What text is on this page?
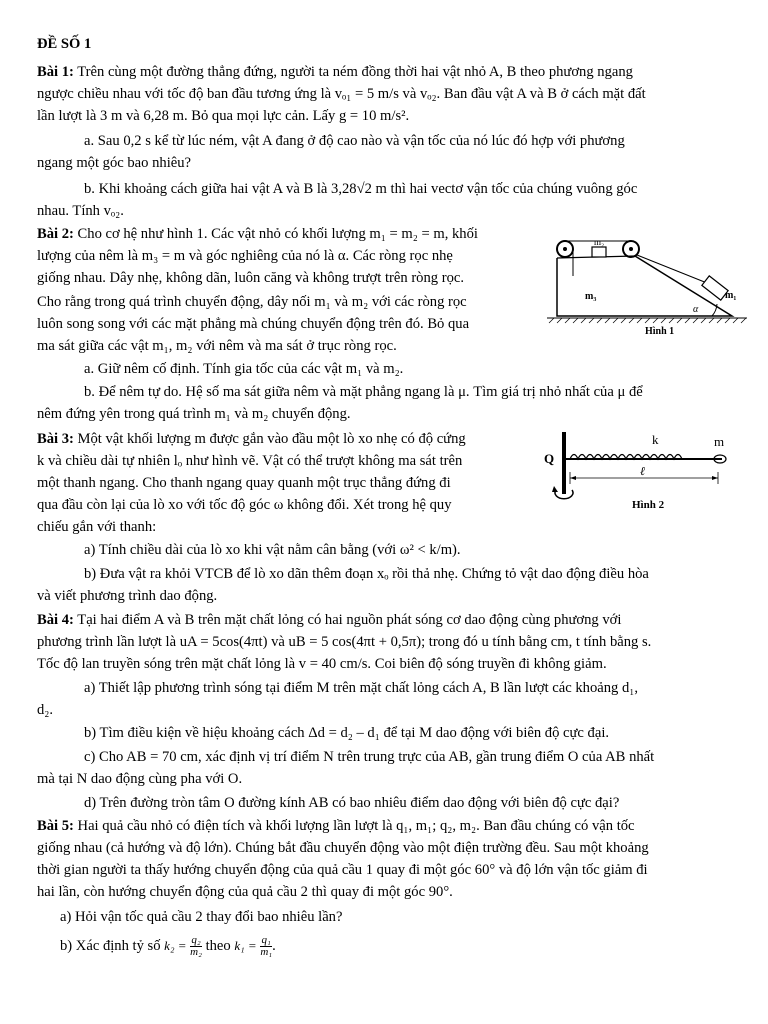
ĐỀ SỐ 1
Bài 1: Trên cùng một đường thẳng đứng, người ta ném đồng thời hai vật nhỏ A, B theo phương ngang
ngược chiều nhau với tốc độ ban đầu tương ứng là vₒ₁ = 5 m/s và vₒ₂. Ban đầu vật A và B ở cách mặt đất
lần lượt là 3 m và 6,28 m. Bỏ qua mọi lực cản. Lấy g = 10 m/s².
a. Sau 0,2 s kể từ lúc ném, vật A đang ở độ cao nào và vận tốc của nó lúc đó hợp với phương
ngang một góc bao nhiêu?
b. Khi khoảng cách giữa hai vật A và B là 3,28√2 m thì hai vectơ vận tốc của chúng vuông góc
nhau. Tính vₒ₂.
Bài 2: Cho cơ hệ như hình 1. Các vật nhỏ có khối lượng m₁ = m₂ = m, khối
lượng của nêm là m₃ = m và góc nghiêng của nó là α. Các ròng rọc nhẹ
giống nhau. Dây nhẹ, không dãn, luôn căng và không trượt trên ròng rọc.
Cho rằng trong quá trình chuyển động, dây nối m₁ và m₂ với các ròng rọc
luôn song song với các mặt phẳng mà chúng chuyển động trên đó. Bỏ qua
ma sát giữa các vật m₁, m₂ với nêm và ma sát ở trục ròng rọc.
a. Giữ nêm cố định. Tính gia tốc của các vật m₁ và m₂.
b. Để nêm tự do. Hệ số ma sát giữa nêm và mặt phẳng ngang là μ. Tìm giá trị nhỏ nhất của μ để
nêm đứng yên trong quá trình m₁ và m₂ chuyển động.
m₂
m₃	m₁
α
Hình 1
Bài 3: Một vật khối lượng m được gắn vào đầu một lò xo nhẹ có độ cứng
k và chiều dài tự nhiên lₒ như hình vẽ. Vật có thể trượt không ma sát trên
một thanh ngang. Cho thanh ngang quay quanh một trục thẳng đứng đi
qua đầu còn lại của lò xo với tốc độ góc ω không đổi. Xét trong hệ quy
chiếu gắn với thanh:
a) Tính chiều dài của lò xo khi vật nằm cân bằng (với ω² < k/m).
b) Đưa vật ra khỏi VTCB để lò xo dãn thêm đoạn xₒ rồi thả nhẹ. Chứng tỏ vật dao động điều hòa
và viết phương trình dao động.
k	m
Q
ℓ
Hình 2
Bài 4: Tại hai điểm A và B trên mặt chất lỏng có hai nguồn phát sóng cơ dao động cùng phương với
phương trình lần lượt là uA = 5cos(4πt) và uB = 5 cos(4πt + 0,5π); trong đó u tính bằng cm, t tính bằng s.
Tốc độ lan truyền sóng trên mặt chất lỏng là v = 40 cm/s. Coi biên độ sóng truyền đi không giảm.
a) Thiết lập phương trình sóng tại điểm M trên mặt chất lỏng cách A, B lần lượt các khoảng d₁,
d₂.
b) Tìm điều kiện về hiệu khoảng cách Δd = d₂ – d₁ để tại M dao động với biên độ cực đại.
c) Cho AB = 70 cm, xác định vị trí điểm N trên trung trực của AB, gần trung điểm O của AB nhất
mà tại N dao động cùng pha với O.
d) Trên đường tròn tâm O đường kính AB có bao nhiêu điểm dao động với biên độ cực đại?
Bài 5: Hai quả cầu nhỏ có điện tích và khối lượng lần lượt là q₁, m₁; q₂, m₂. Ban đầu chúng có vận tốc
giống nhau (cả hướng và độ lớn). Chúng bắt đầu chuyển động vào một điện trường đều. Sau một khoảng
thời gian người ta thấy hướng chuyển động của quả cầu 1 quay đi một góc 60° và độ lớn vận tốc giảm đi
hai lần, còn hướng chuyển động của quả cầu 2 thì quay đi một góc 90°.
a) Hỏi vận tốc quả cầu 2 thay đổi bao nhiêu lần?
b) Xác định tỷ số $k_2 = \frac{\text{q₂}}{\text{m₂}}$ theo $k_1 = \frac{\text{q₁}}{\text{m₁}}$ .
